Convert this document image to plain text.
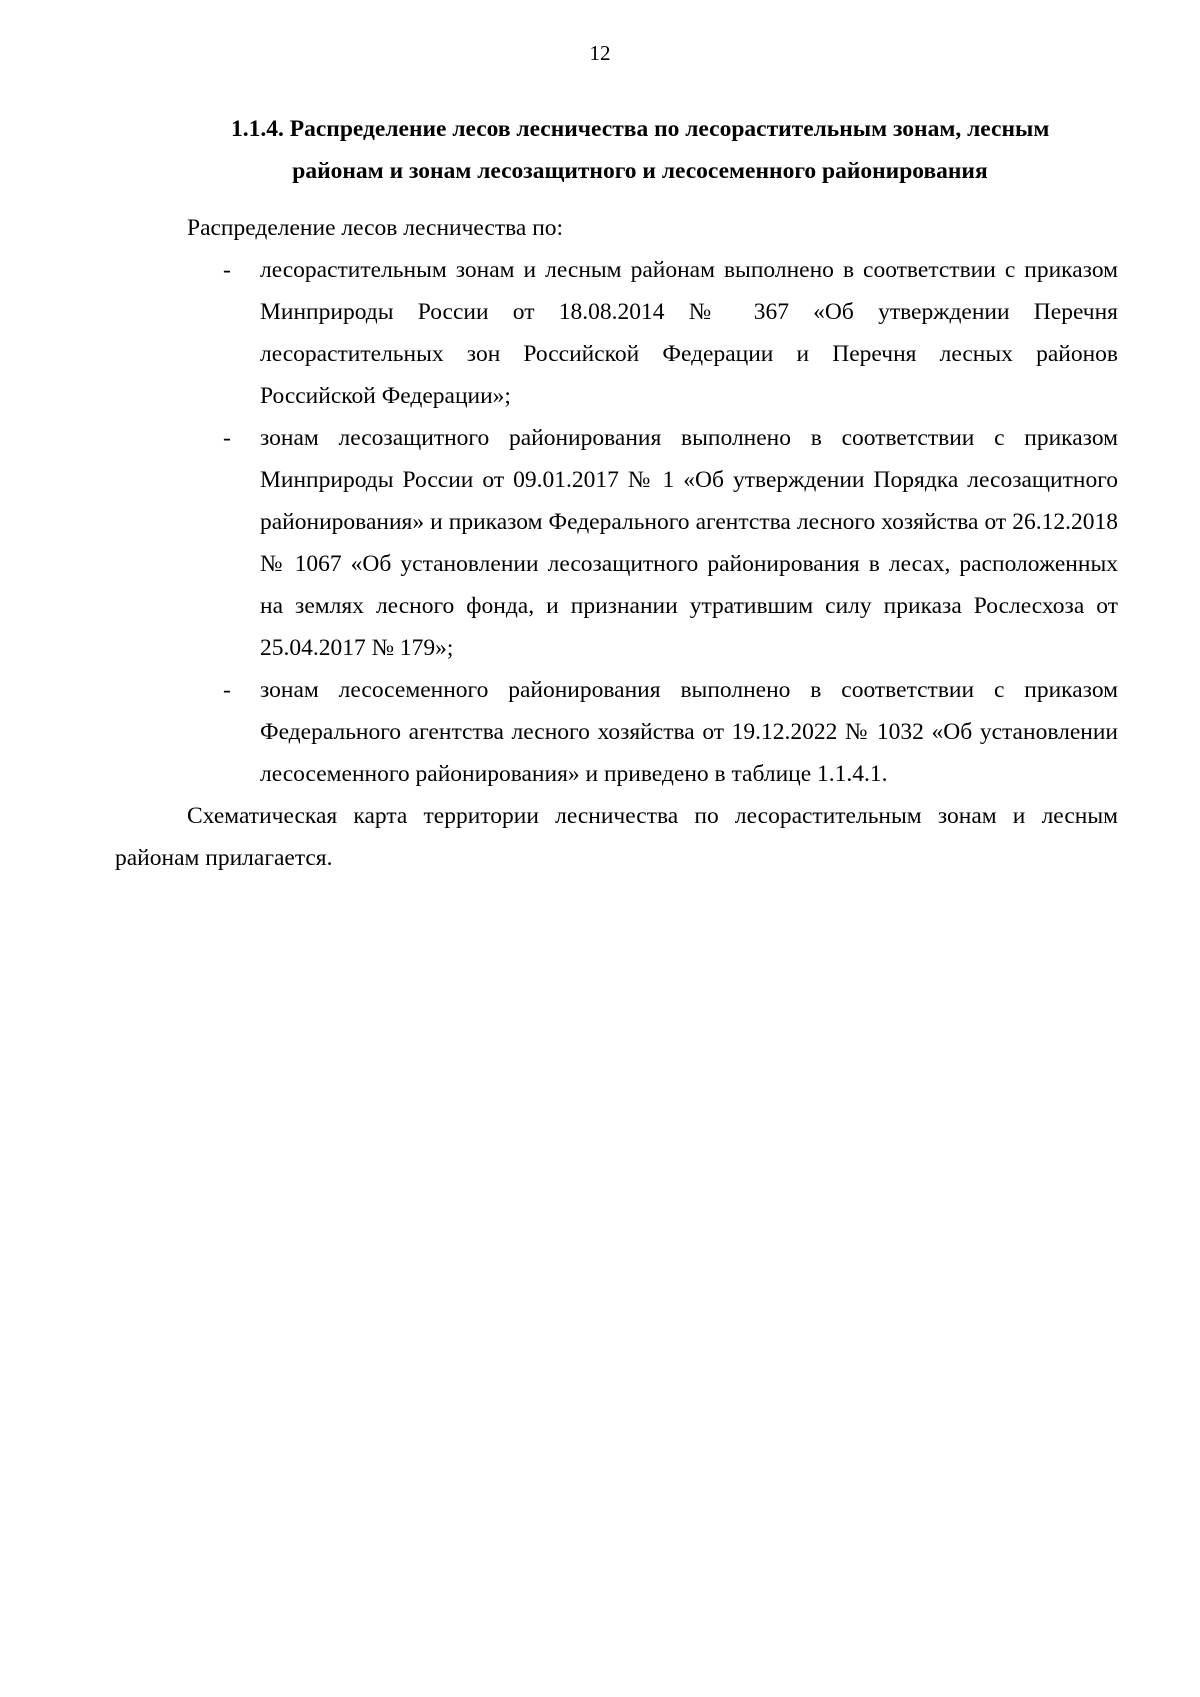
12
1.1.4. Распределение лесов лесничества по лесорастительным зонам, лесным
районам и зонам лесозащитного и лесосеменного районирования
Распределение лесов лесничества по:
- лесорастительным зонам и лесным районам выполнено в соответствии с приказом Минприроды России от 18.08.2014 № 367 «Об утверждении Перечня лесорастительных зон Российской Федерации и Перечня лесных районов Российской Федерации»;
- зонам лесозащитного районирования выполнено в соответствии с приказом Минприроды России от 09.01.2017 № 1 «Об утверждении Порядка лесозащитного районирования» и приказом Федерального агентства лесного хозяйства от 26.12.2018 № 1067 «Об установлении лесозащитного районирования в лесах, расположенных на землях лесного фонда, и признании утратившим силу приказа Рослесхоза от 25.04.2017 № 179»;
- зонам лесосеменного районирования выполнено в соответствии с приказом Федерального агентства лесного хозяйства от 19.12.2022 № 1032 «Об установлении лесосеменного районирования» и приведено в таблице 1.1.4.1.
Схематическая карта территории лесничества по лесорастительным зонам и лесным районам прилагается.
